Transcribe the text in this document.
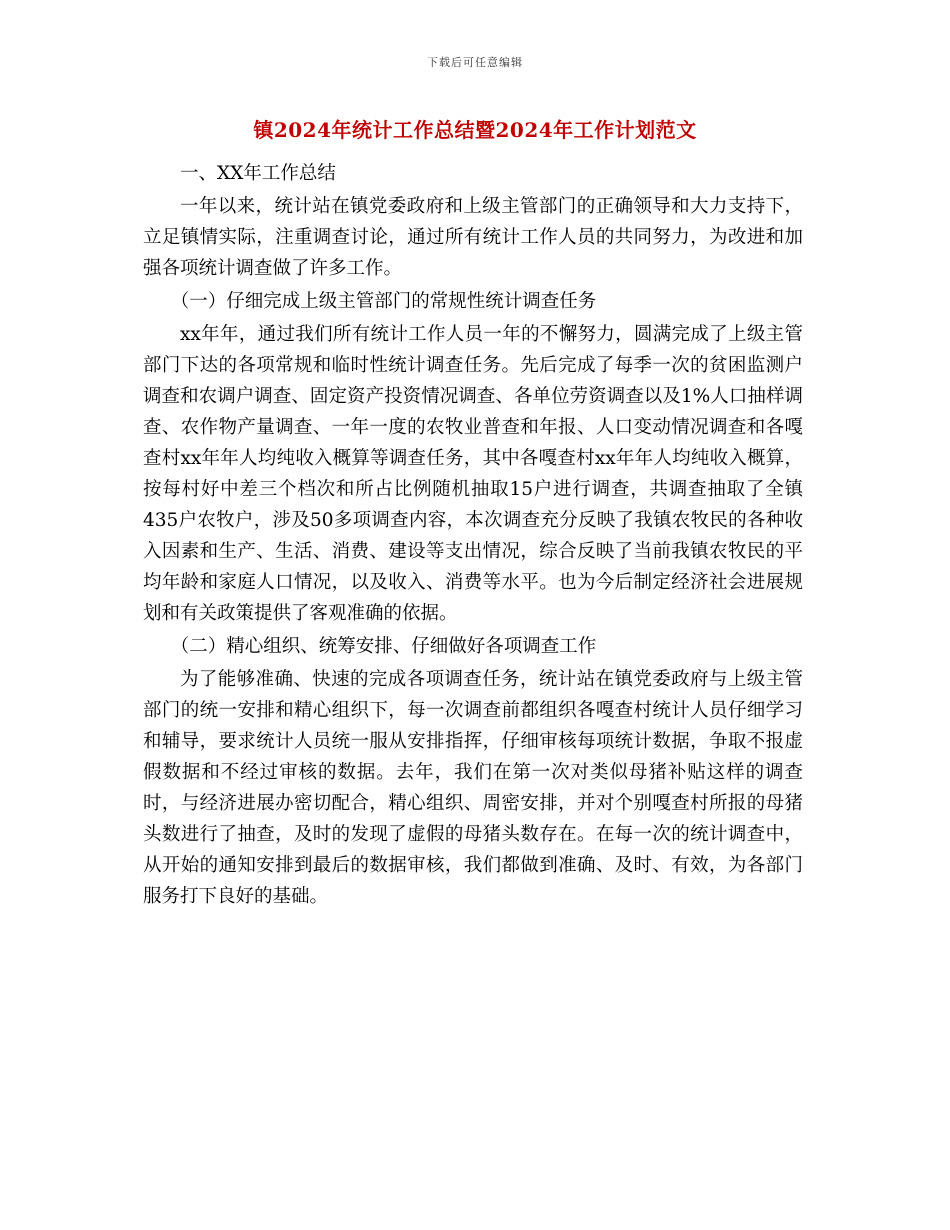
下载后可任意编辑
镇2024年统计工作总结暨2024年工作计划范文

一、XX年工作总结

一年以来，统计站在镇党委政府和上级主管部门的正确领导和大力支持下，立足镇情实际，注重调查讨论，通过所有统计工作人员的共同努力，为改进和加强各项统计调查做了许多工作。

（一）仔细完成上级主管部门的常规性统计调查任务

xx年年，通过我们所有统计工作人员一年的不懈努力，圆满完成了上级主管部门下达的各项常规和临时性统计调查任务。先后完成了每季一次的贫困监测户调查和农调户调查、固定资产投资情况调查、各单位劳资调查以及1%人口抽样调查、农作物产量调查、一年一度的农牧业普查和年报、人口变动情况调查和各嘎查村xx年年人均纯收入概算等调查任务，其中各嘎查村xx年年人均纯收入概算，按每村好中差三个档次和所占比例随机抽取15户进行调查，共调查抽取了全镇435户农牧户，涉及50多项调查内容，本次调查充分反映了我镇农牧民的各种收入因素和生产、生活、消费、建设等支出情况，综合反映了当前我镇农牧民的平均年龄和家庭人口情况，以及收入、消费等水平。也为今后制定经济社会进展规划和有关政策提供了客观准确的依据。

（二）精心组织、统筹安排、仔细做好各项调查工作

为了能够准确、快速的完成各项调查任务，统计站在镇党委政府与上级主管部门的统一安排和精心组织下，每一次调查前都组织各嘎查村统计人员仔细学习和辅导，要求统计人员统一服从安排指挥，仔细审核每项统计数据，争取不报虚假数据和不经过审核的数据。去年，我们在第一次对类似母猪补贴这样的调查时，与经济进展办密切配合，精心组织、周密安排，并对个别嘎查村所报的母猪头数进行了抽查，及时的发现了虚假的母猪头数存在。在每一次的统计调查中，从开始的通知安排到最后的数据审核，我们都做到准确、及时、有效，为各部门服务打下良好的基础。
